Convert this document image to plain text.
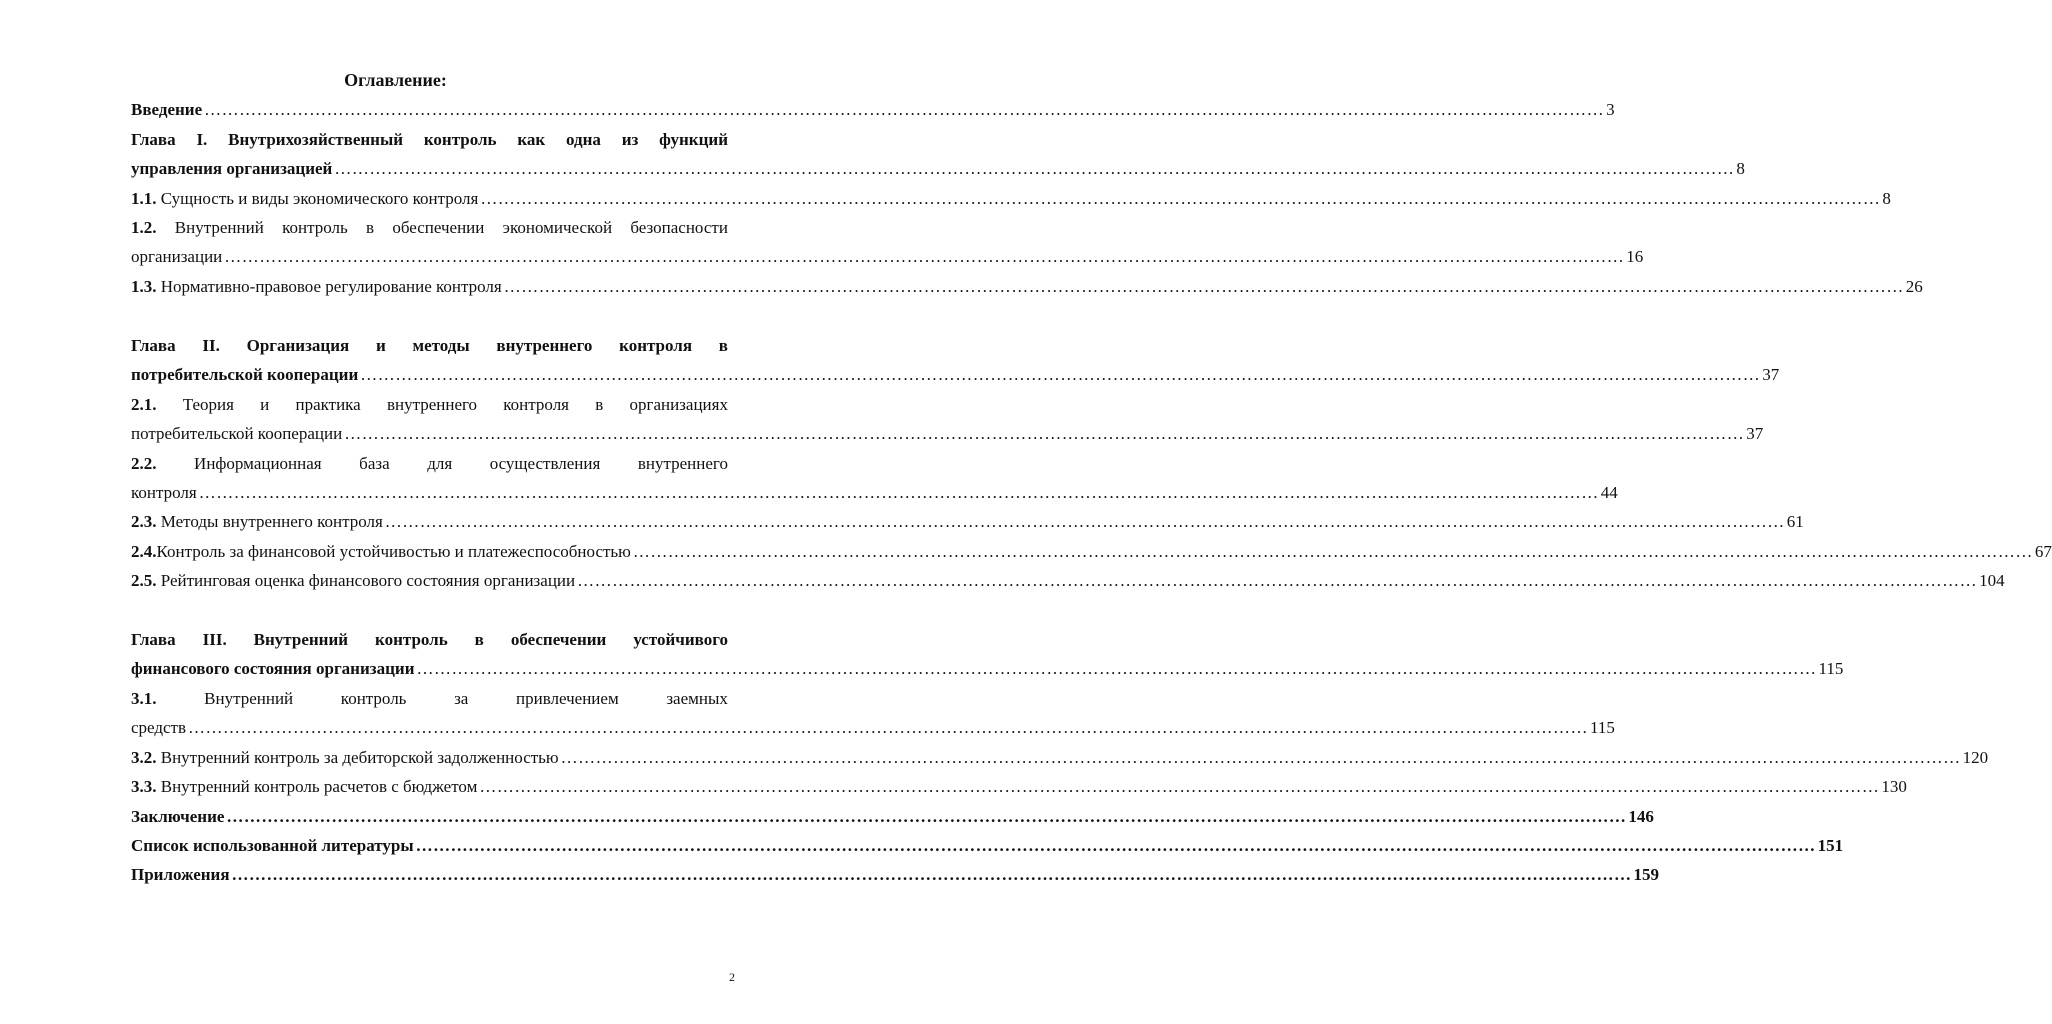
Оглавление:
Введение …………………………………………………………………………………………………………………………………………………………………………………………………………………… 3
Глава I. Внутрихозяйственный контроль как одна из функций
управления организацией …………………………………………………………………………………………………………………………………………………………………………………………………………………… 8
1.1. Сущность и виды экономического контроля …………………………………………………………………………………………………………………………………………………………………………………………………………………… 8
1.2. Внутренний контроль в обеспечении экономической безопасности
организации …………………………………………………………………………………………………………………………………………………………………………………………………………………… 16
1.3. Нормативно-правовое регулирование контроля …………………………………………………………………………………………………………………………………………………………………………………………………………………… 26
Глава II. Организация и методы внутреннего контроля в
потребительской кооперации …………………………………………………………………………………………………………………………………………………………………………………………………………………… 37
2.1. Теория и практика внутреннего контроля в организациях
потребительской кооперации …………………………………………………………………………………………………………………………………………………………………………………………………………………… 37
2.2. Информационная база для осуществления внутреннего
контроля …………………………………………………………………………………………………………………………………………………………………………………………………………………… 44
2.3. Методы внутреннего контроля …………………………………………………………………………………………………………………………………………………………………………………………………………………… 61
2.4.Контроль за финансовой устойчивостью и платежеспособностью …………………………………………………………………………………………………………………………………………………………………………………………………………………… 67
2.5. Рейтинговая оценка финансового состояния организации …………………………………………………………………………………………………………………………………………………………………………………………………………………… 104
Глава III. Внутренний контроль в обеспечении устойчивого
финансового состояния организации …………………………………………………………………………………………………………………………………………………………………………………………………………………… 115
3.1.	Внутренний	контроль	за	привлечением	заемных
средств …………………………………………………………………………………………………………………………………………………………………………………………………………………… 115
3.2. Внутренний контроль за дебиторской задолженностью …………………………………………………………………………………………………………………………………………………………………………………………………………………… 120
3.3. Внутренний контроль расчетов с бюджетом …………………………………………………………………………………………………………………………………………………………………………………………………………………… 130
Заключение …………………………………………………………………………………………………………………………………………………………………………………………………………………… 146
Список использованной литературы …………………………………………………………………………………………………………………………………………………………………………………………………………………… 151
Приложения …………………………………………………………………………………………………………………………………………………………………………………………………………………… 159
2
